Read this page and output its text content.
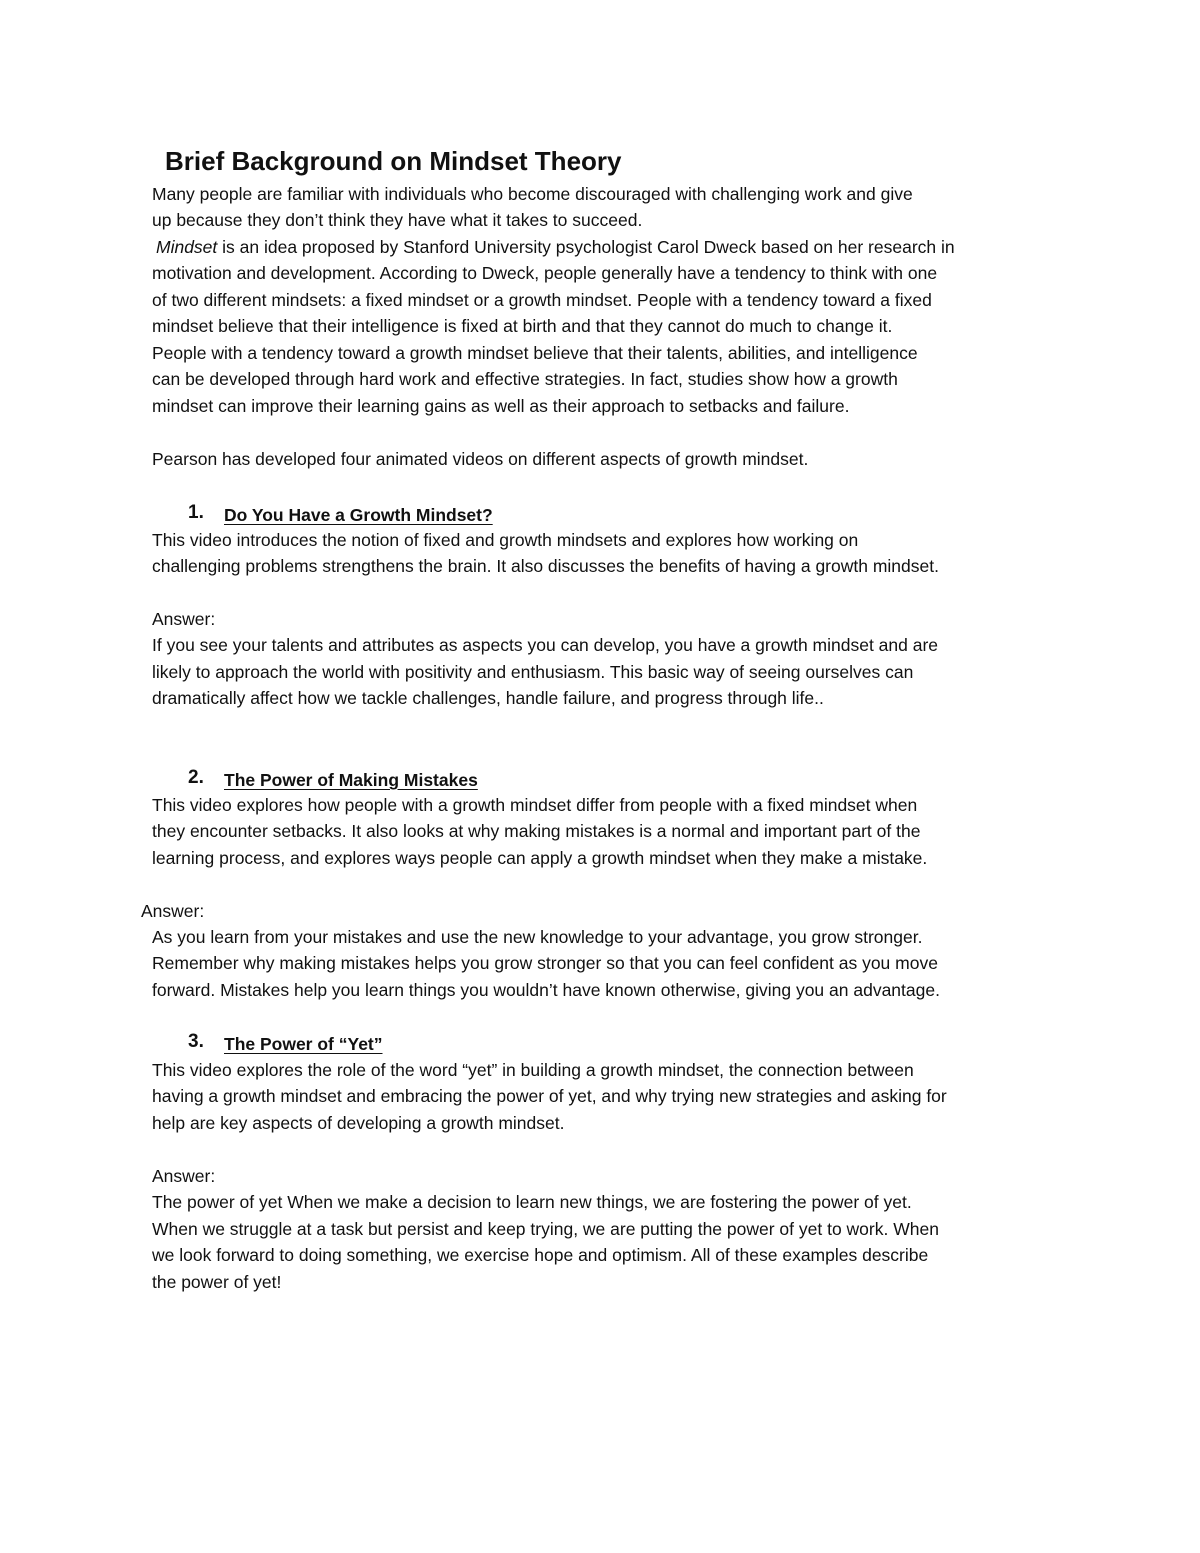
Brief Background on Mindset Theory
Many people are familiar with individuals who become discouraged with challenging work and give
up because they don’t think they have what it takes to succeed.
Mindset is an idea proposed by Stanford University psychologist Carol Dweck based on her research in
motivation and development. According to Dweck, people generally have a tendency to think with one
of two different mindsets: a fixed mindset or a growth mindset. People with a tendency toward a fixed
mindset believe that their intelligence is fixed at birth and that they cannot do much to change it.
People with a tendency toward a growth mindset believe that their talents, abilities, and intelligence
can be developed through hard work and effective strategies. In fact, studies show how a growth
mindset can improve their learning gains as well as their approach to setbacks and failure.
Pearson has developed four animated videos on different aspects of growth mindset.
1. Do You Have a Growth Mindset?
This video introduces the notion of fixed and growth mindsets and explores how working on
challenging problems strengthens the brain. It also discusses the benefits of having a growth mindset.
Answer:
If you see your talents and attributes as aspects you can develop, you have a growth mindset and are
likely to approach the world with positivity and enthusiasm. This basic way of seeing ourselves can
dramatically affect how we tackle challenges, handle failure, and progress through life..
2. The Power of Making Mistakes
This video explores how people with a growth mindset differ from people with a fixed mindset when
they encounter setbacks. It also looks at why making mistakes is a normal and important part of the
learning process, and explores ways people can apply a growth mindset when they make a mistake.
Answer:
As you learn from your mistakes and use the new knowledge to your advantage, you grow stronger.
Remember why making mistakes helps you grow stronger so that you can feel confident as you move
forward. Mistakes help you learn things you wouldn’t have known otherwise, giving you an advantage.
3. The Power of “Yet”
This video explores the role of the word “yet” in building a growth mindset, the connection between
having a growth mindset and embracing the power of yet, and why trying new strategies and asking for
help are key aspects of developing a growth mindset.
Answer:
The power of yet When we make a decision to learn new things, we are fostering the power of yet.
When we struggle at a task but persist and keep trying, we are putting the power of yet to work. When
we look forward to doing something, we exercise hope and optimism. All of these examples describe
the power of yet!
